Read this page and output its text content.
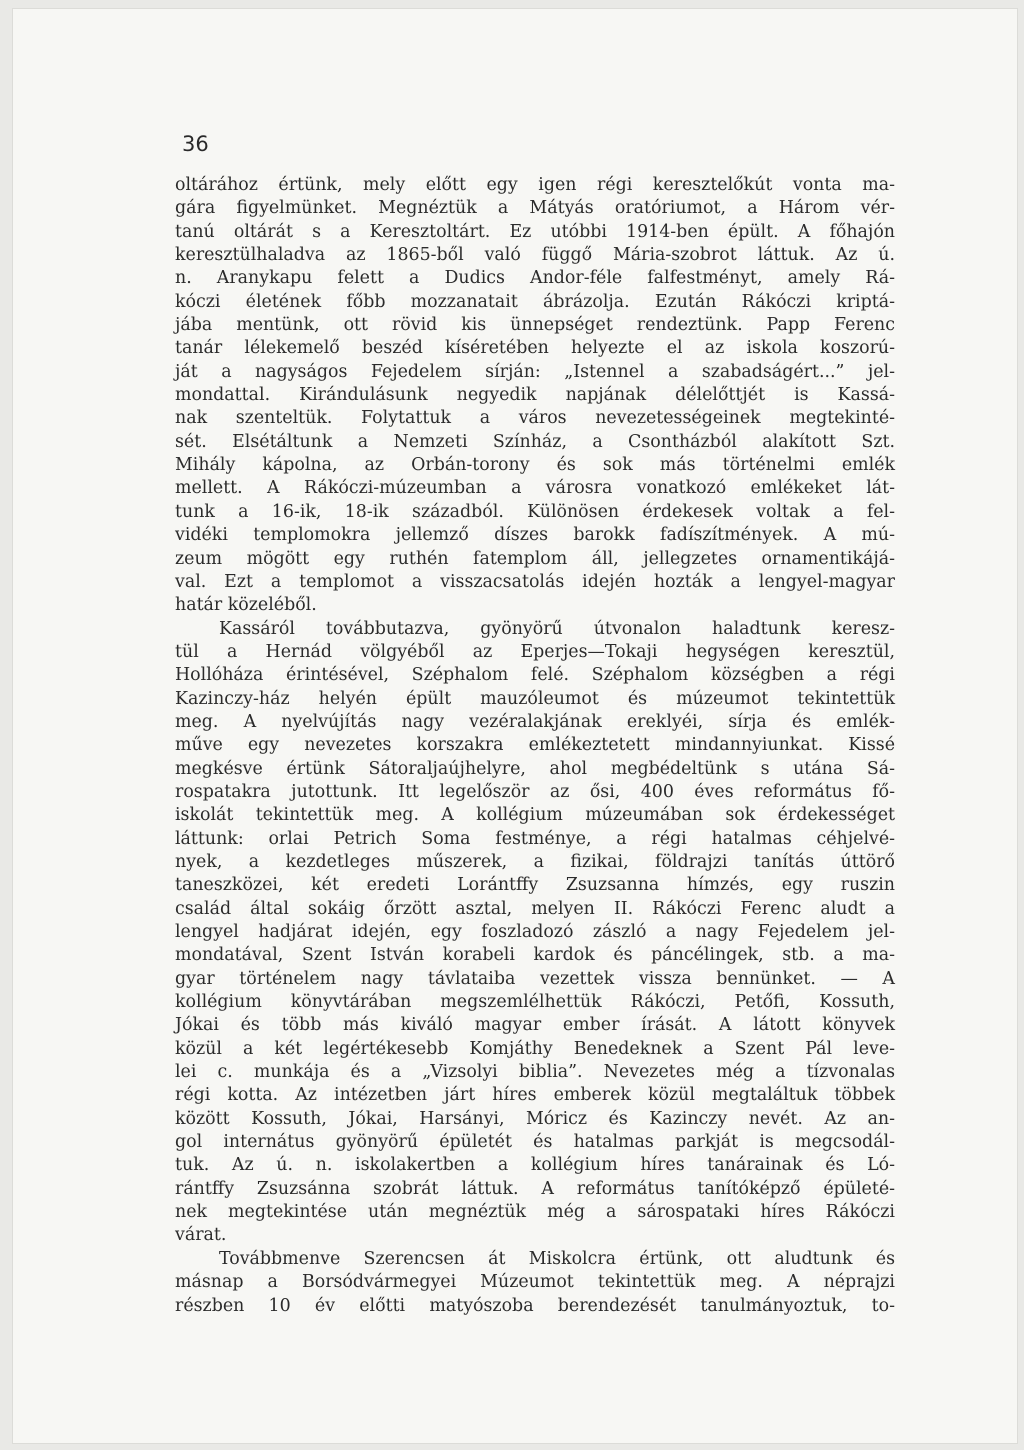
36
oltárához értünk, mely előtt egy igen régi keresztelőkút vonta ma-
gára figyelmünket. Megnéztük a Mátyás oratóriumot, a Három vér-
tanú oltárát s a Keresztoltárt. Ez utóbbi 1914-ben épült. A főhajón
keresztülhaladva az 1865-ből való függő Mária-szobrot láttuk. Az ú.
n. Aranykapu felett a Dudics Andor-féle falfestményt, amely Rá-
kóczi életének főbb mozzanatait ábrázolja. Ezután Rákóczi kriptá-
jába mentünk, ott rövid kis ünnepséget rendeztünk. Papp Ferenc
tanár lélekemelő beszéd kíséretében helyezte el az iskola koszorú-
ját a nagyságos Fejedelem sírján: „Istennel a szabadságért...” jel-
mondattal. Kirándulásunk negyedik napjának délelőttjét is Kassá-
nak szenteltük. Folytattuk a város nevezetességeinek megtekinté-
sét. Elsétáltunk a Nemzeti Színház, a Csontházból alakított Szt.
Mihály kápolna, az Orbán-torony és sok más történelmi emlék
mellett. A Rákóczi-múzeumban a városra vonatkozó emlékeket lát-
tunk a 16-ik, 18-ik századból. Különösen érdekesek voltak a fel-
vidéki templomokra jellemző díszes barokk fadíszítmények. A mú-
zeum mögött egy ruthén fatemplom áll, jellegzetes ornamentikájá-
val. Ezt a templomot a visszacsatolás idején hozták a lengyel-magyar
határ közeléből.
Kassáról továbbutazva, gyönyörű útvonalon haladtunk keresz-
tül a Hernád völgyéből az Eperjes—Tokaji hegységen keresztül,
Hollóháza érintésével, Széphalom felé. Széphalom községben a régi
Kazinczy-ház helyén épült mauzóleumot és múzeumot tekintettük
meg. A nyelvújítás nagy vezéralakjának ereklyéi, sírja és emlék-
műve egy nevezetes korszakra emlékeztetett mindannyiunkat. Kissé
megkésve értünk Sátoraljaújhelyre, ahol megbédeltünk s utána Sá-
rospatakra jutottunk. Itt legelőször az ősi, 400 éves református fő-
iskolát tekintettük meg. A kollégium múzeumában sok érdekességet
láttunk: orlai Petrich Soma festménye, a régi hatalmas céhjelvé-
nyek, a kezdetleges műszerek, a fizikai, földrajzi tanítás úttörő
taneszközei, két eredeti Lorántffy Zsuzsanna hímzés, egy ruszin
család által sokáig őrzött asztal, melyen II. Rákóczi Ferenc aludt a
lengyel hadjárat idején, egy foszladozó zászló a nagy Fejedelem jel-
mondatával, Szent István korabeli kardok és páncélingek, stb. a ma-
gyar történelem nagy távlataiba vezettek vissza bennünket. — A
kollégium könyvtárában megszemlélhettük Rákóczi, Petőfi, Kossuth,
Jókai és több más kiváló magyar ember írását. A látott könyvek
közül a két legértékesebb Komjáthy Benedeknek a Szent Pál leve-
lei c. munkája és a „Vizsolyi biblia”. Nevezetes még a tízvonalas
régi kotta. Az intézetben járt híres emberek közül megtaláltuk többek
között Kossuth, Jókai, Harsányi, Móricz és Kazinczy nevét. Az an-
gol internátus gyönyörű épületét és hatalmas parkját is megcsodál-
tuk. Az ú. n. iskolakertben a kollégium híres tanárainak és Ló-
rántffy Zsuzsánna szobrát láttuk. A református tanítóképző épületé-
nek megtekintése után megnéztük még a sárospataki híres Rákóczi
várat.
Továbbmenve Szerencsen át Miskolcra értünk, ott aludtunk és
másnap a Borsódvármegyei Múzeumot tekintettük meg. A néprajzi
részben 10 év előtti matyószoba berendezését tanulmányoztuk, to-
